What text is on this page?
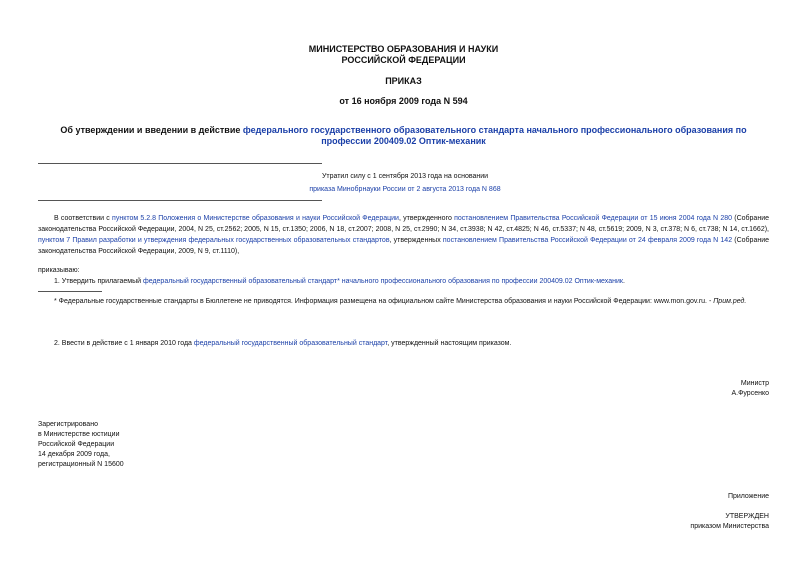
МИНИСТЕРСТВО ОБРАЗОВАНИЯ И НАУКИ
РОССИЙСКОЙ ФЕДЕРАЦИИ
ПРИКАЗ
от 16 ноября 2009 года N 594
Об утверждении и введении в действие федерального государственного образовательного стандарта начального профессионального образования по профессии 200409.02 Оптик-механик
Утратил силу с 1 сентября 2013 года на основании
приказа Минобрнауки России от 2 августа 2013 года N 868
В соответствии с пунктом 5.2.8 Положения о Министерстве образования и науки Российской Федерации, утвержденного постановлением Правительства Российской Федерации от 15 июня 2004 года N 280 (Собрание законодательства Российской Федерации, 2004, N 25, ст.2562; 2005, N 15, ст.1350; 2006, N 18, ст.2007; 2008, N 25, ст.2990; N 34, ст.3938; N 42, ст.4825; N 46, ст.5337; N 48, ст.5619; 2009, N 3, ст.378; N 6, ст.738; N 14, ст.1662), пунктом 7 Правил разработки и утверждения федеральных государственных образовательных стандартов, утвержденных постановлением Правительства Российской Федерации от 24 февраля 2009 года N 142 (Собрание законодательства Российской Федерации, 2009, N 9, ст.1110),
приказываю:
1. Утвердить прилагаемый федеральный государственный образовательный стандарт* начального профессионального образования по профессии 200409.02 Оптик-механик.
* Федеральные государственные стандарты в Бюллетене не приводятся. Информация размещена на официальном сайте Министерства образования и науки Российской Федерации: www.mon.gov.ru. - Прим.ред.
2. Ввести в действие с 1 января 2010 года федеральный государственный образовательный стандарт, утвержденный настоящим приказом.
Министр
А.Фурсенко
Зарегистрировано
в Министерстве юстиции
Российской Федерации
14 декабря 2009 года,
регистрационный N 15600
Приложение
УТВЕРЖДЕН
приказом Министерства
